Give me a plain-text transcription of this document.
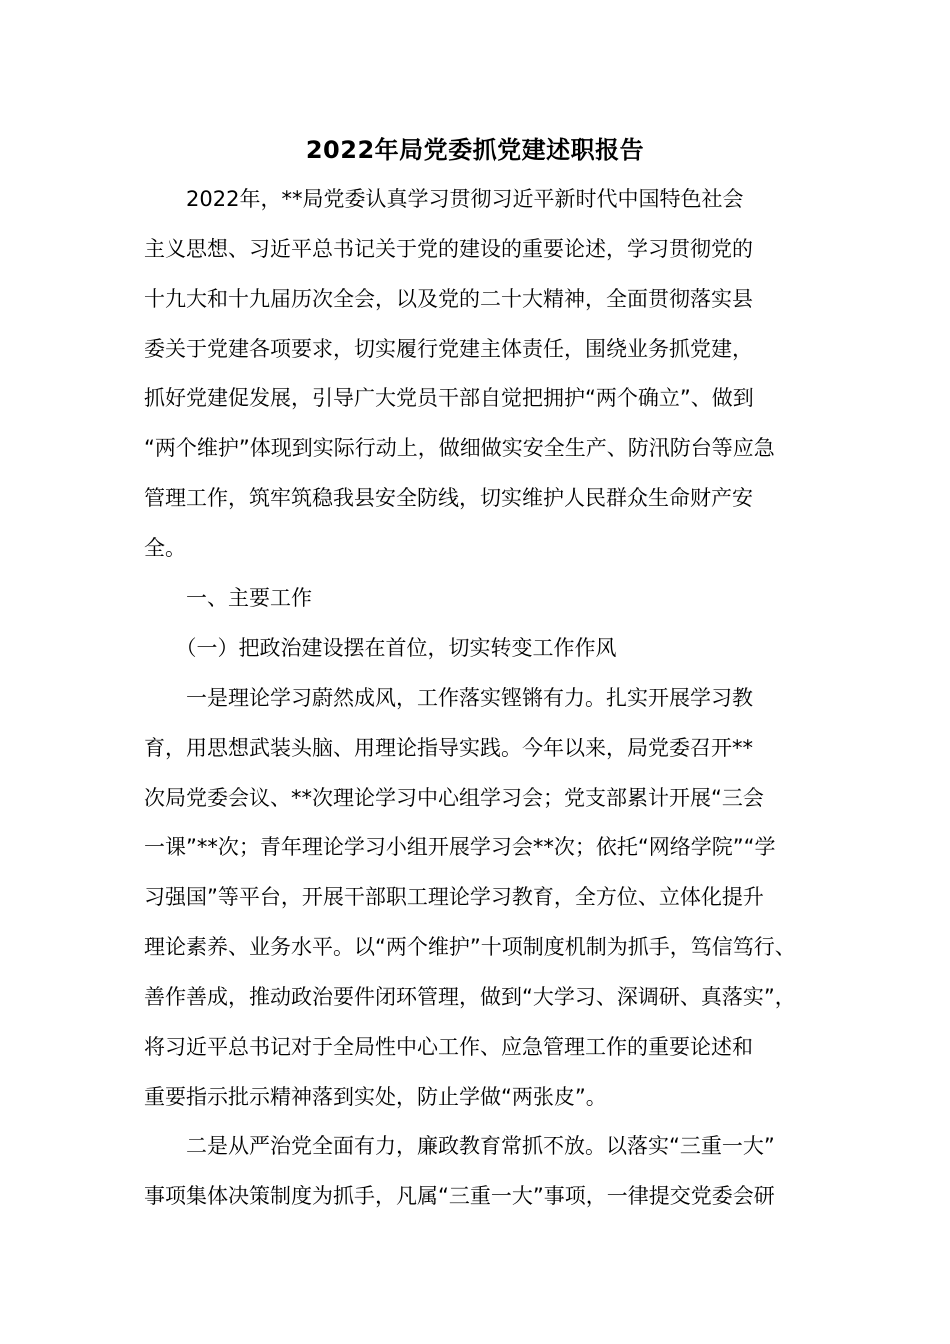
2022年局党委抓党建述职报告
　　2022年，**局党委认真学习贯彻习近平新时代中国特色社会
主义思想、习近平总书记关于党的建设的重要论述，学习贯彻党的
十九大和十九届历次全会，以及党的二十大精神，全面贯彻落实县
委关于党建各项要求，切实履行党建主体责任，围绕业务抓党建，
抓好党建促发展，引导广大党员干部自觉把拥护“两个确立”、做到
“两个维护”体现到实际行动上，做细做实安全生产、防汛防台等应急
管理工作，筑牢筑稳我县安全防线，切实维护人民群众生命财产安
全。
　　一、主要工作
　　（一）把政治建设摆在首位，切实转变工作作风
　　一是理论学习蔚然成风，工作落实铿锵有力。扎实开展学习教
育，用思想武装头脑、用理论指导实践。今年以来，局党委召开**
次局党委会议、**次理论学习中心组学习会；党支部累计开展“三会
一课”**次；青年理论学习小组开展学习会**次；依托“网络学院”“学
习强国”等平台，开展干部职工理论学习教育，全方位、立体化提升
理论素养、业务水平。以“两个维护”十项制度机制为抓手，笃信笃行、
善作善成，推动政治要件闭环管理，做到“大学习、深调研、真落实”，
将习近平总书记对于全局性中心工作、应急管理工作的重要论述和
重要指示批示精神落到实处，防止学做“两张皮”。
　　二是从严治党全面有力，廉政教育常抓不放。以落实“三重一大”
事项集体决策制度为抓手，凡属“三重一大”事项，一律提交党委会研
